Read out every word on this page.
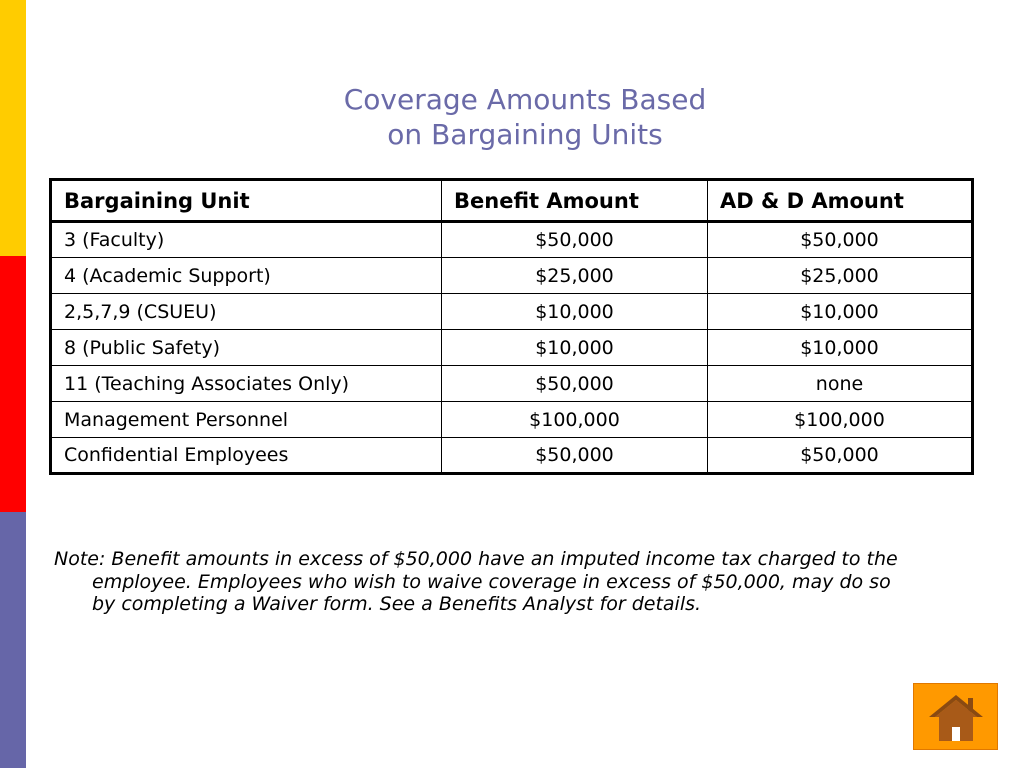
Coverage Amounts Based
on Bargaining Units
Bargaining Unit	Benefit Amount	AD & D Amount
3 (Faculty)	$50,000	$50,000
4 (Academic Support)	$25,000	$25,000
2,5,7,9 (CSUEU)	$10,000	$10,000
8 (Public Safety)	$10,000	$10,000
11 (Teaching Associates Only)	$50,000	none
Management Personnel	$100,000	$100,000
Confidential Employees	$50,000	$50,000
Note: Benefit amounts in excess of $50,000 have an imputed income tax charged to the employee. Employees who wish to waive coverage in excess of $50,000, may do so by completing a Waiver form. See a Benefits Analyst for details.
